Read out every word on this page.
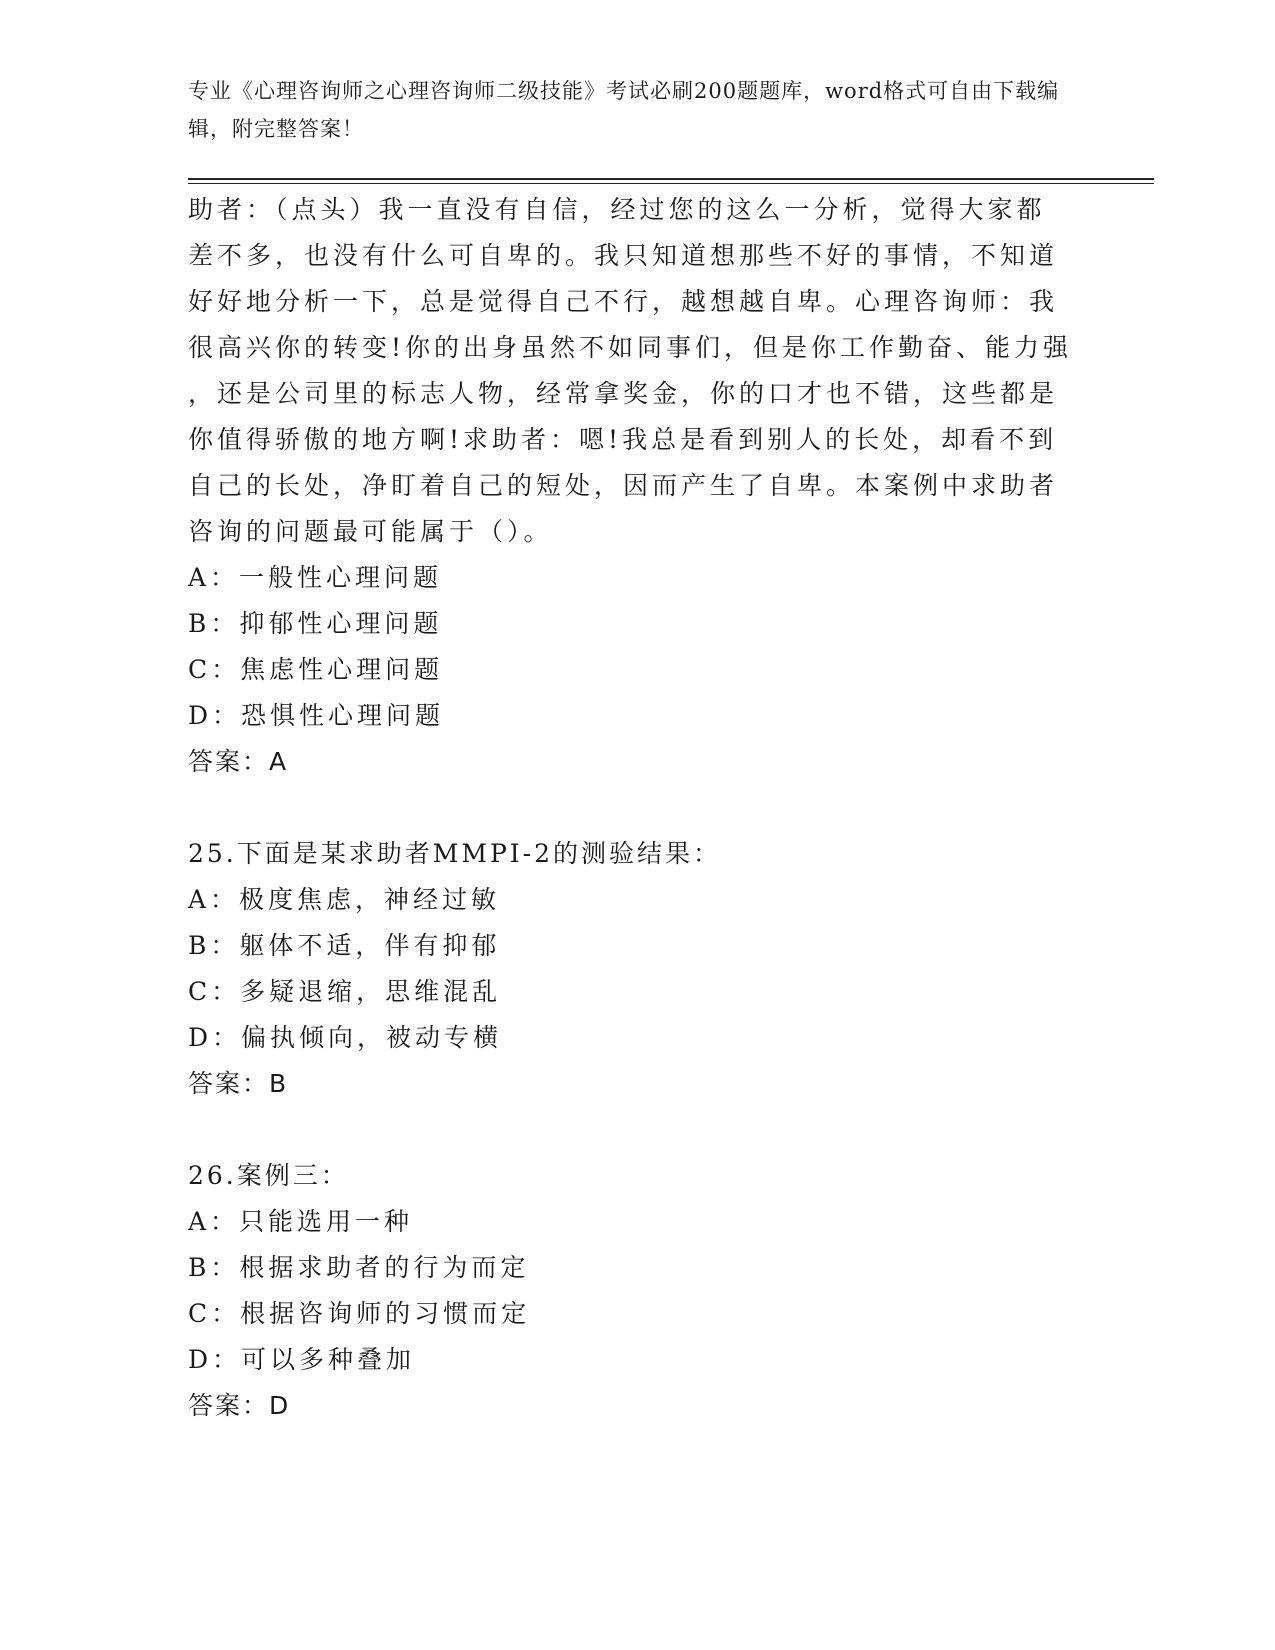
专业《心理咨询师之心理咨询师二级技能》考试必刷200题题库，word格式可自由下载编辑，附完整答案！

助者：（点头）我一直没有自信，经过您的这么一分析，觉得大家都

差不多，也没有什么可自卑的。我只知道想那些不好的事情，不知道

好好地分析一下，总是觉得自己不行，越想越自卑。心理咨询师：我

很高兴你的转变!你的出身虽然不如同事们，但是你工作勤奋、能力强

，还是公司里的标志人物，经常拿奖金，你的口才也不错，这些都是

你值得骄傲的地方啊!求助者：嗯!我总是看到别人的长处，却看不到

自己的长处，净盯着自己的短处，因而产生了自卑。本案例中求助者

咨询的问题最可能属于（）。

A：一般性心理问题

B：抑郁性心理问题

C：焦虑性心理问题

D：恐惧性心理问题

答案：A

25.下面是某求助者MMPI-2的测验结果：

A：极度焦虑，神经过敏

B：躯体不适，伴有抑郁

C：多疑退缩，思维混乱

D：偏执倾向，被动专横

答案：B

26.案例三：

A：只能选用一种

B：根据求助者的行为而定

C：根据咨询师的习惯而定

D：可以多种叠加

答案：D
